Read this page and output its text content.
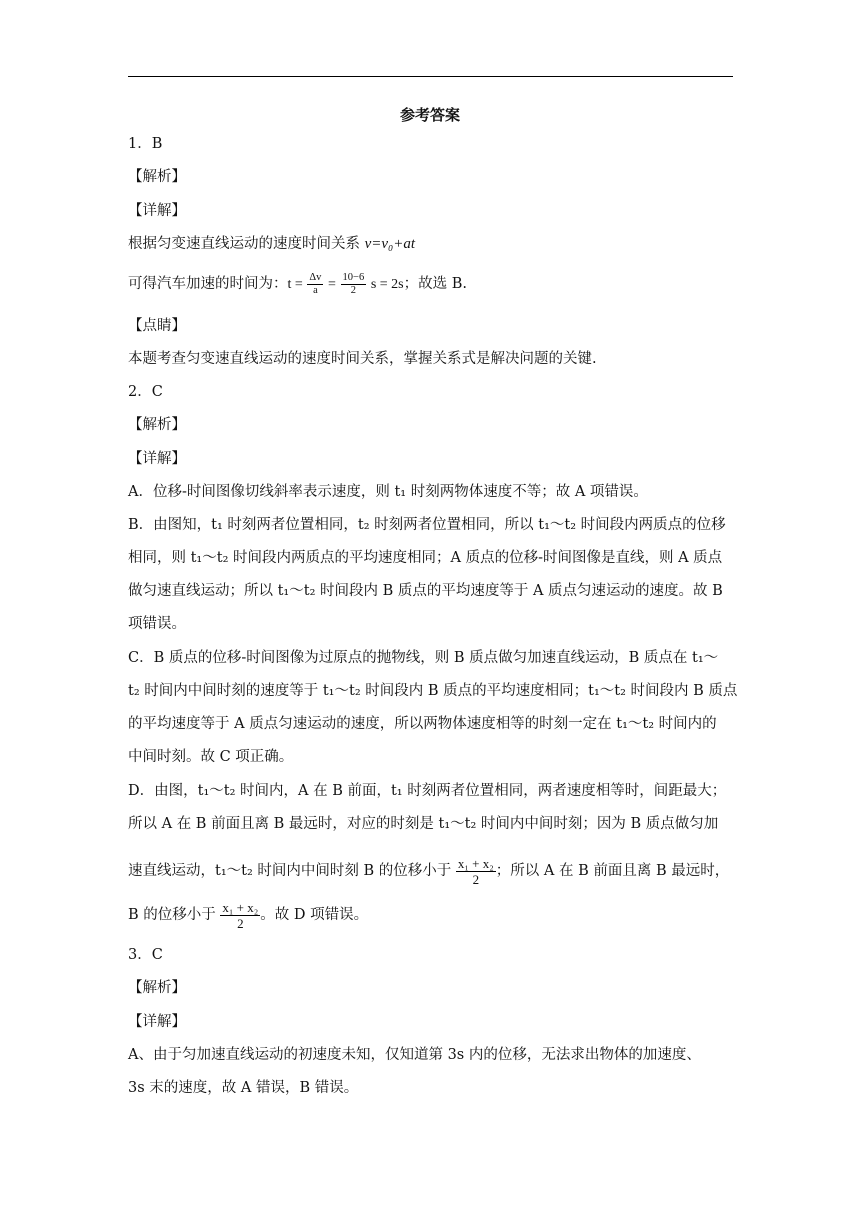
参考答案
1．B
【解析】
【详解】
根据匀变速直线运动的速度时间关系 v=v₀+at
可得汽车加速的时间为：$t = \frac{\Delta v}{a} = \frac{10-6}{2}$ s = 2s；故选 B.
【点睛】
本题考查匀变速直线运动的速度时间关系，掌握关系式是解决问题的关键.
2．C
【解析】
【详解】
A．位移-时间图像切线斜率表示速度，则 t₁ 时刻两物体速度不等；故 A 项错误。
B．由图知，t₁ 时刻两者位置相同，t₂ 时刻两者位置相同，所以 t₁～t₂ 时间段内两质点的位移
相同，则 t₁～t₂ 时间段内两质点的平均速度相同；A 质点的位移-时间图像是直线，则 A 质点
做匀速直线运动；所以 t₁～t₂ 时间段内 B 质点的平均速度等于 A 质点匀速运动的速度。故 B
项错误。
C．B 质点的位移-时间图像为过原点的抛物线，则 B 质点做匀加速直线运动，B 质点在 t₁～
t₂ 时间内中间时刻的速度等于 t₁～t₂ 时间段内 B 质点的平均速度相同；t₁～t₂ 时间段内 B 质点
的平均速度等于 A 质点匀速运动的速度，所以两物体速度相等的时刻一定在 t₁～t₂ 时间内的
中间时刻。故 C 项正确。
D．由图，t₁～t₂ 时间内，A 在 B 前面，t₁ 时刻两者位置相同，两者速度相等时，间距最大；
所以 A 在 B 前面且离 B 最远时，对应的时刻是 t₁～t₂ 时间内中间时刻；因为 B 质点做匀加
速直线运动，t₁～t₂ 时间内中间时刻 B 的位移小于 $\frac{\text{x₁ + x₂}}{2}$ ；所以 A 在 B 前面且离 B 最远时，
B 的位移小于 $\frac{\text{x₁ + x₂}}{2}$ 。故 D 项错误。
3．C
【解析】
【详解】
A、由于匀加速直线运动的初速度未知，仅知道第 3s 内的位移，无法求出物体的加速度、
3s 末的速度，故 A 错误，B 错误。
